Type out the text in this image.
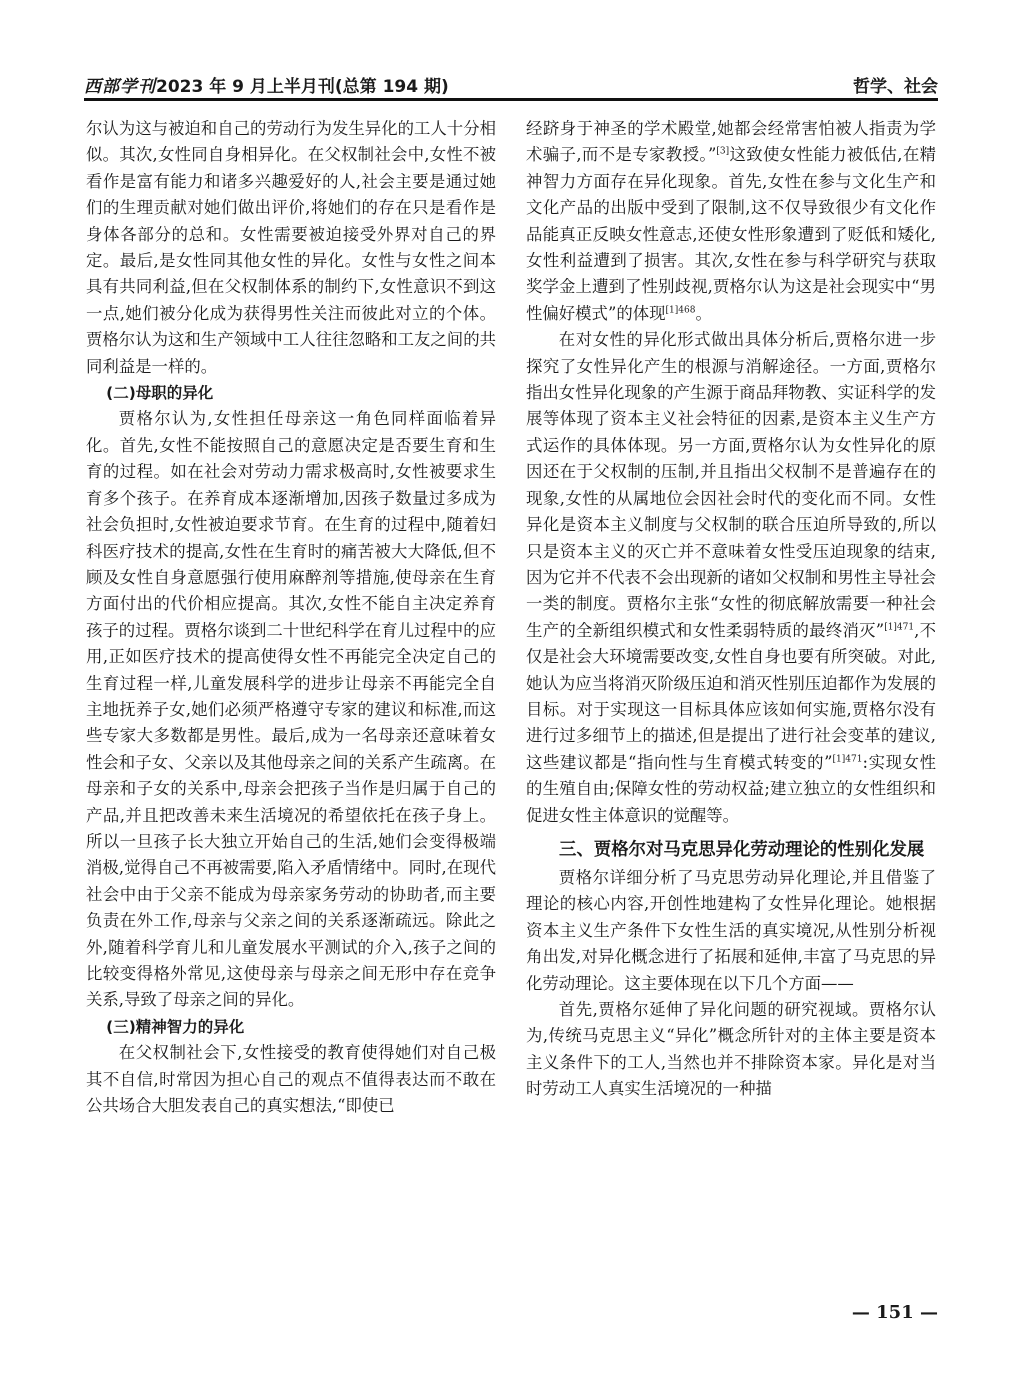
西部学刊2023 年 9 月上半月刊(总第 194 期)	哲学、社会

尔认为这与被迫和自己的劳动行为发生异化的工人十分相似。其次,女性同自身相异化。在父权制社会中,女性不被看作是富有能力和诸多兴趣爱好的人,社会主要是通过她们的生理贡献对她们做出评价,将她们的存在只是看作是身体各部分的总和。女性需要被迫接受外界对自己的界定。最后,是女性同其他女性的异化。女性与女性之间本具有共同利益,但在父权制体系的制约下,女性意识不到这一点,她们被分化成为获得男性关注而彼此对立的个体。贾格尔认为这和生产领域中工人往往忽略和工友之间的共同利益是一样的。

(二)母职的异化

贾格尔认为,女性担任母亲这一角色同样面临着异化。首先,女性不能按照自己的意愿决定是否要生育和生育的过程。如在社会对劳动力需求极高时,女性被要求生育多个孩子。在养育成本逐渐增加,因孩子数量过多成为社会负担时,女性被迫要求节育。在生育的过程中,随着妇科医疗技术的提高,女性在生育时的痛苦被大大降低,但不顾及女性自身意愿强行使用麻醉剂等措施,使母亲在生育方面付出的代价相应提高。其次,女性不能自主决定养育孩子的过程。贾格尔谈到二十世纪科学在育儿过程中的应用,正如医疗技术的提高使得女性不再能完全决定自己的生育过程一样,儿童发展科学的进步让母亲不再能完全自主地抚养子女,她们必须严格遵守专家的建议和标准,而这些专家大多数都是男性。最后,成为一名母亲还意味着女性会和子女、父亲以及其他母亲之间的关系产生疏离。在母亲和子女的关系中,母亲会把孩子当作是归属于自己的产品,并且把改善未来生活境况的希望依托在孩子身上。所以一旦孩子长大独立开始自己的生活,她们会变得极端消极,觉得自己不再被需要,陷入矛盾情绪中。同时,在现代社会中由于父亲不能成为母亲家务劳动的协助者,而主要负责在外工作,母亲与父亲之间的关系逐渐疏远。除此之外,随着科学育儿和儿童发展水平测试的介入,孩子之间的比较变得格外常见,这使母亲与母亲之间无形中存在竞争关系,导致了母亲之间的异化。

(三)精神智力的异化

在父权制社会下,女性接受的教育使得她们对自己极其不自信,时常因为担心自己的观点不值得表达而不敢在公共场合大胆发表自己的真实想法,“即使已

经跻身于神圣的学术殿堂,她都会经常害怕被人指责为学术骗子,而不是专家教授。”[3]这致使女性能力被低估,在精神智力方面存在异化现象。首先,女性在参与文化生产和文化产品的出版中受到了限制,这不仅导致很少有文化作品能真正反映女性意志,还使女性形象遭到了贬低和矮化,女性利益遭到了损害。其次,女性在参与科学研究与获取奖学金上遭到了性别歧视,贾格尔认为这是社会现实中“男性偏好模式”的体现$^{[1]468}$。

在对女性的异化形式做出具体分析后,贾格尔进一步探究了女性异化产生的根源与消解途径。一方面,贾格尔指出女性异化现象的产生源于商品拜物教、实证科学的发展等体现了资本主义社会特征的因素,是资本主义生产方式运作的具体体现。另一方面,贾格尔认为女性异化的原因还在于父权制的压制,并且指出父权制不是普遍存在的现象,女性的从属地位会因社会时代的变化而不同。女性异化是资本主义制度与父权制的联合压迫所导致的,所以只是资本主义的灭亡并不意味着女性受压迫现象的结束,因为它并不代表不会出现新的诸如父权制和男性主导社会一类的制度。贾格尔主张“女性的彻底解放需要一种社会生产的全新组织模式和女性柔弱特质的最终消灭”$^{[1]471}$,不仅是社会大环境需要改变,女性自身也要有所突破。对此,她认为应当将消灭阶级压迫和消灭性别压迫都作为发展的目标。对于实现这一目标具体应该如何实施,贾格尔没有进行过多细节上的描述,但是提出了进行社会变革的建议,这些建议都是“指向性与生育模式转变的”$^{[1]471}$:实现女性的生殖自由;保障女性的劳动权益;建立独立的女性组织和促进女性主体意识的觉醒等。

三、贾格尔对马克思异化劳动理论的性别化发展

贾格尔详细分析了马克思劳动异化理论,并且借鉴了理论的核心内容,开创性地建构了女性异化理论。她根据资本主义生产条件下女性生活的真实境况,从性别分析视角出发,对异化概念进行了拓展和延伸,丰富了马克思的异化劳动理论。这主要体现在以下几个方面——

首先,贾格尔延伸了异化问题的研究视域。贾格尔认为,传统马克思主义“异化”概念所针对的主体主要是资本主义条件下的工人,当然也并不排除资本家。异化是对当时劳动工人真实生活境况的一种描

— 151 —
